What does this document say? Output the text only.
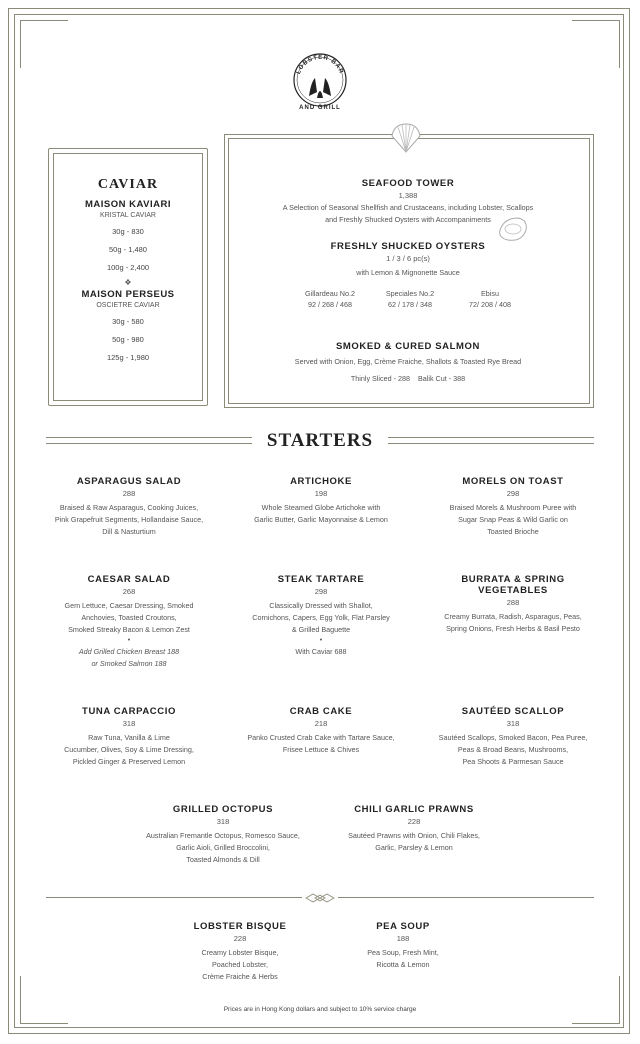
LOBSTER BAR
AND GRILL
CAVIAR
MAISON KAVIARI
KRISTAL CAVIAR
30g - 830
50g - 1,480
100g - 2,400
❖
MAISON PERSEUS
OSCIETRE CAVIAR
30g - 580
50g - 980
125g - 1,980
SEAFOOD TOWER
1,388
A Selection of Seasonal Shellfish and Crustaceans, including Lobster, Scallops
and Freshly Shucked Oysters with Accompaniments
FRESHLY SHUCKED OYSTERS
1 / 3 / 6 pc(s)
with Lemon & Mignonette Sauce
Gillardeau No.2
92 / 268 / 468
Speciales No.2
62 / 178 / 348
Ebisu
72/ 208 / 408
SMOKED & CURED SALMON
Served with Onion, Egg, Crème Fraiche, Shallots & Toasted Rye Bread
Thinly Sliced - 288    Balik Cut - 388
STARTERS
ASPARAGUS SALAD
288
Braised & Raw Asparagus, Cooking Juices,
Pink Grapefruit Segments, Hollandaise Sauce,
Dill & Nasturtium
ARTICHOKE
198
Whole Steamed Globe Artichoke with
Garlic Butter, Garlic Mayonnaise & Lemon
MORELS ON TOAST
298
Braised Morels & Mushroom Puree with
Sugar Snap Peas & Wild Garlic on
Toasted Brioche
CAESAR SALAD
268
Gem Lettuce, Caesar Dressing, Smoked
Anchovies, Toasted Croutons,
Smoked Streaky Bacon & Lemon Zest
•
Add Grilled Chicken Breast 188
or Smoked Salmon 188
STEAK TARTARE
298
Classically Dressed with Shallot,
Cornichons, Capers, Egg Yolk, Flat Parsley
& Grilled Baguette
•
With Caviar 688
BURRATA & SPRING
VEGETABLES
288
Creamy Burrata, Radish, Asparagus, Peas,
Spring Onions, Fresh Herbs & Basil Pesto
TUNA CARPACCIO
318
Raw Tuna, Vanilla & Lime
Cucumber, Olives, Soy & Lime Dressing,
Pickled Ginger & Preserved Lemon
CRAB CAKE
218
Panko Crusted Crab Cake with Tartare Sauce,
Frisee Lettuce & Chives
SAUTÉED SCALLOP
318
Sautéed Scallops, Smoked Bacon, Pea Puree,
Peas & Broad Beans, Mushrooms,
Pea Shoots & Parmesan Sauce
GRILLED OCTOPUS
318
Australian Fremantle Octopus, Romesco Sauce,
Garlic Aioli, Grilled Broccolini,
Toasted Almonds & Dill
CHILI GARLIC PRAWNS
228
Sautéed Prawns with Onion, Chili Flakes,
Garlic, Parsley & Lemon
LOBSTER BISQUE
228
Creamy Lobster Bisque,
Poached Lobster,
Crème Fraiche & Herbs
PEA SOUP
188
Pea Soup, Fresh Mint,
Ricotta & Lemon
Prices are in Hong Kong dollars and subject to 10% service charge
